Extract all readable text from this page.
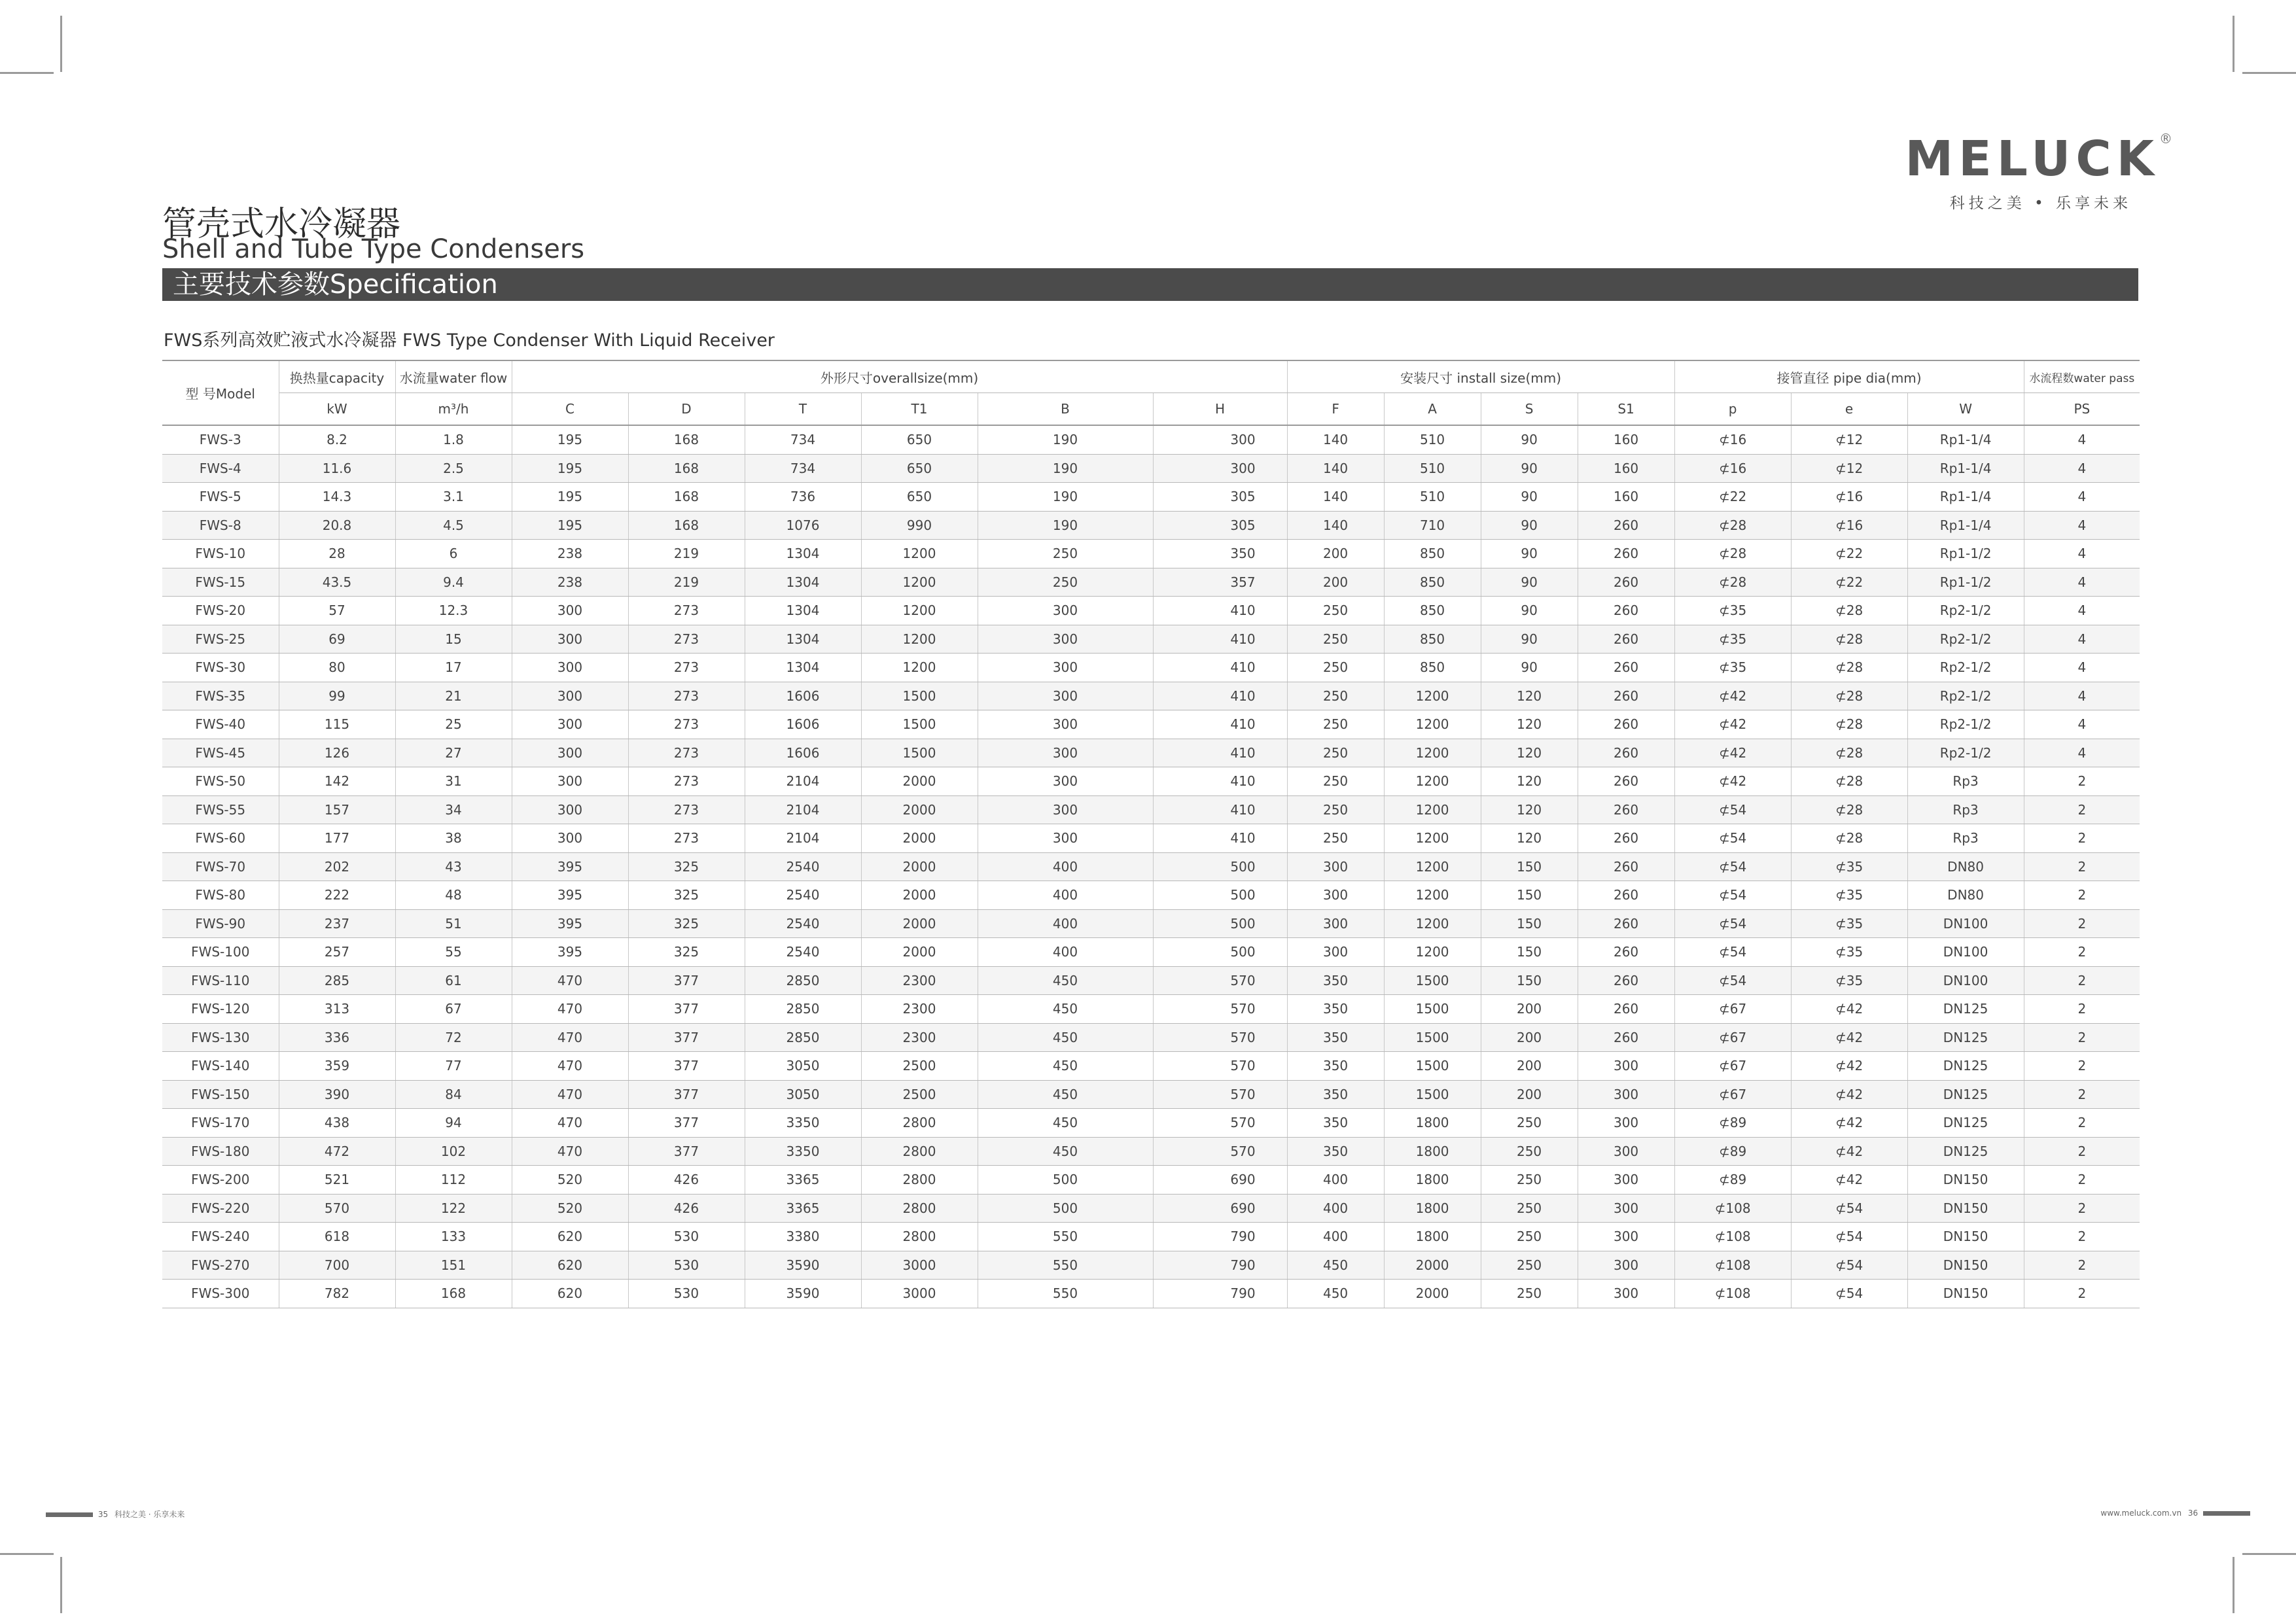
MELUCK ®
科技之美 • 乐享未来
管壳式水冷凝器
Shell and Tube Type Condensers
主要技术参数Specification
FWS系列高效贮液式水冷凝器 FWS Type Condenser With Liquid Receiver
型 号Model	换热量capacity	水流量water flow	外形尺寸overallsize(mm)						安装尺寸 install size(mm)				接管直径 pipe dia(mm)			水流程数water pass
	kW	m³/h	C	D	T	T1	B	H	F	A	S	S1	p	e	W	PS
FWS-3	8.2	1.8	195	168	734	650	190	300	140	510	90	160	⊄16	⊄12	Rp1-1/4	4
FWS-4	11.6	2.5	195	168	734	650	190	300	140	510	90	160	⊄16	⊄12	Rp1-1/4	4
FWS-5	14.3	3.1	195	168	736	650	190	305	140	510	90	160	⊄22	⊄16	Rp1-1/4	4
FWS-8	20.8	4.5	195	168	1076	990	190	305	140	710	90	260	⊄28	⊄16	Rp1-1/4	4
FWS-10	28	6	238	219	1304	1200	250	350	200	850	90	260	⊄28	⊄22	Rp1-1/2	4
FWS-15	43.5	9.4	238	219	1304	1200	250	357	200	850	90	260	⊄28	⊄22	Rp1-1/2	4
FWS-20	57	12.3	300	273	1304	1200	300	410	250	850	90	260	⊄35	⊄28	Rp2-1/2	4
FWS-25	69	15	300	273	1304	1200	300	410	250	850	90	260	⊄35	⊄28	Rp2-1/2	4
FWS-30	80	17	300	273	1304	1200	300	410	250	850	90	260	⊄35	⊄28	Rp2-1/2	4
FWS-35	99	21	300	273	1606	1500	300	410	250	1200	120	260	⊄42	⊄28	Rp2-1/2	4
FWS-40	115	25	300	273	1606	1500	300	410	250	1200	120	260	⊄42	⊄28	Rp2-1/2	4
FWS-45	126	27	300	273	1606	1500	300	410	250	1200	120	260	⊄42	⊄28	Rp2-1/2	4
FWS-50	142	31	300	273	2104	2000	300	410	250	1200	120	260	⊄42	⊄28	Rp3	2
FWS-55	157	34	300	273	2104	2000	300	410	250	1200	120	260	⊄54	⊄28	Rp3	2
FWS-60	177	38	300	273	2104	2000	300	410	250	1200	120	260	⊄54	⊄28	Rp3	2
FWS-70	202	43	395	325	2540	2000	400	500	300	1200	150	260	⊄54	⊄35	DN80	2
FWS-80	222	48	395	325	2540	2000	400	500	300	1200	150	260	⊄54	⊄35	DN80	2
FWS-90	237	51	395	325	2540	2000	400	500	300	1200	150	260	⊄54	⊄35	DN100	2
FWS-100	257	55	395	325	2540	2000	400	500	300	1200	150	260	⊄54	⊄35	DN100	2
FWS-110	285	61	470	377	2850	2300	450	570	350	1500	150	260	⊄54	⊄35	DN100	2
FWS-120	313	67	470	377	2850	2300	450	570	350	1500	200	260	⊄67	⊄42	DN125	2
FWS-130	336	72	470	377	2850	2300	450	570	350	1500	200	260	⊄67	⊄42	DN125	2
FWS-140	359	77	470	377	3050	2500	450	570	350	1500	200	300	⊄67	⊄42	DN125	2
FWS-150	390	84	470	377	3050	2500	450	570	350	1500	200	300	⊄67	⊄42	DN125	2
FWS-170	438	94	470	377	3350	2800	450	570	350	1800	250	300	⊄89	⊄42	DN125	2
FWS-180	472	102	470	377	3350	2800	450	570	350	1800	250	300	⊄89	⊄42	DN125	2
FWS-200	521	112	520	426	3365	2800	500	690	400	1800	250	300	⊄89	⊄42	DN150	2
FWS-220	570	122	520	426	3365	2800	500	690	400	1800	250	300	⊄108	⊄54	DN150	2
FWS-240	618	133	620	530	3380	2800	550	790	400	1800	250	300	⊄108	⊄54	DN150	2
FWS-270	700	151	620	530	3590	3000	550	790	450	2000	250	300	⊄108	⊄54	DN150	2
FWS-300	782	168	620	530	3590	3000	550	790	450	2000	250	300	⊄108	⊄54	DN150	2
35 科技之美 · 乐享未来	www.meluck.com.vn 36
